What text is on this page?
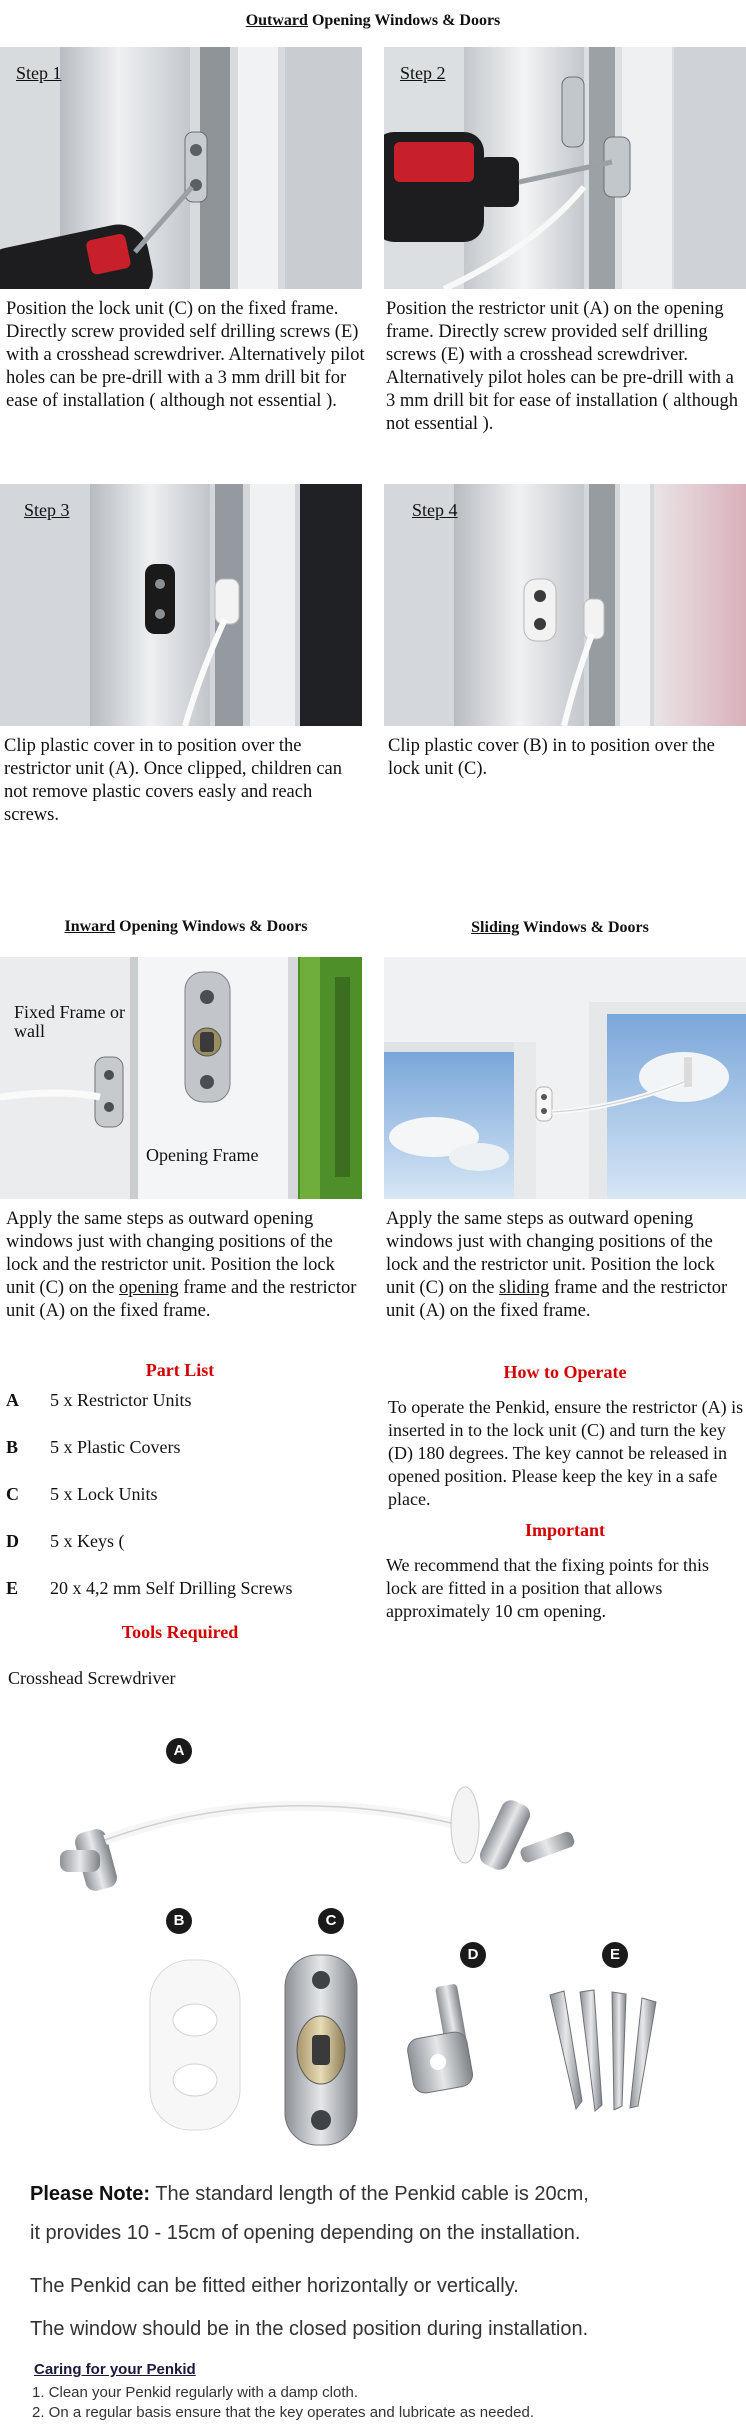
Outward Opening Windows & Doors
Step 1	Step 2
Position the lock unit (C) on the fixed frame. Directly screw provided self drilling screws (E) with a crosshead screwdriver. Alternatively pilot holes can be pre-drill with a 3 mm drill bit for ease of installation ( although not essential ).
Position the restrictor unit (A) on the opening frame. Directly screw provided self drilling screws (E) with a crosshead screwdriver. Alternatively pilot holes can be pre-drill with a 3 mm drill bit for ease of installation ( although not essential ).
Step 3	Step 4
Clip plastic cover in to position over the restrictor unit (A). Once clipped, children can not remove plastic covers easly and reach screws.
Clip plastic cover (B) in to position over the lock unit (C).
Inward Opening Windows & Doors	Sliding Windows & Doors
Fixed Frame or wall
Opening Frame
Apply the same steps as outward opening windows just with changing positions of the lock and the restrictor unit. Position the lock unit (C) on the opening frame and the restrictor unit (A) on the fixed frame.
Apply the same steps as outward opening windows just with changing positions of the lock and the restrictor unit. Position the lock unit (C) on the sliding frame and the restrictor unit (A) on the fixed frame.
Part List
A 5 x Restrictor Units
B 5 x Plastic Covers
C 5 x Lock Units
D 5 x Keys (
E 20 x 4,2 mm Self Drilling Screws
Tools Required
Crosshead Screwdriver
How to Operate
To operate the Penkid, ensure the restrictor (A) is inserted in to the lock unit (C) and turn the key (D) 180 degrees. The key cannot be released in opened position. Please keep the key in a safe place.
Important
We recommend that the fixing points for this lock are fitted in a position that allows approximately 10 cm opening.
A
B	C
D	E
Please Note: The standard length of the Penkid cable is 20cm,
it provides 10 - 15cm of opening depending on the installation.
The Penkid can be fitted either horizontally or vertically.
The window should be in the closed position during installation.
Caring for your Penkid
1. Clean your Penkid regularly with a damp cloth.
2. On a regular basis ensure that the key operates and lubricate as needed.
